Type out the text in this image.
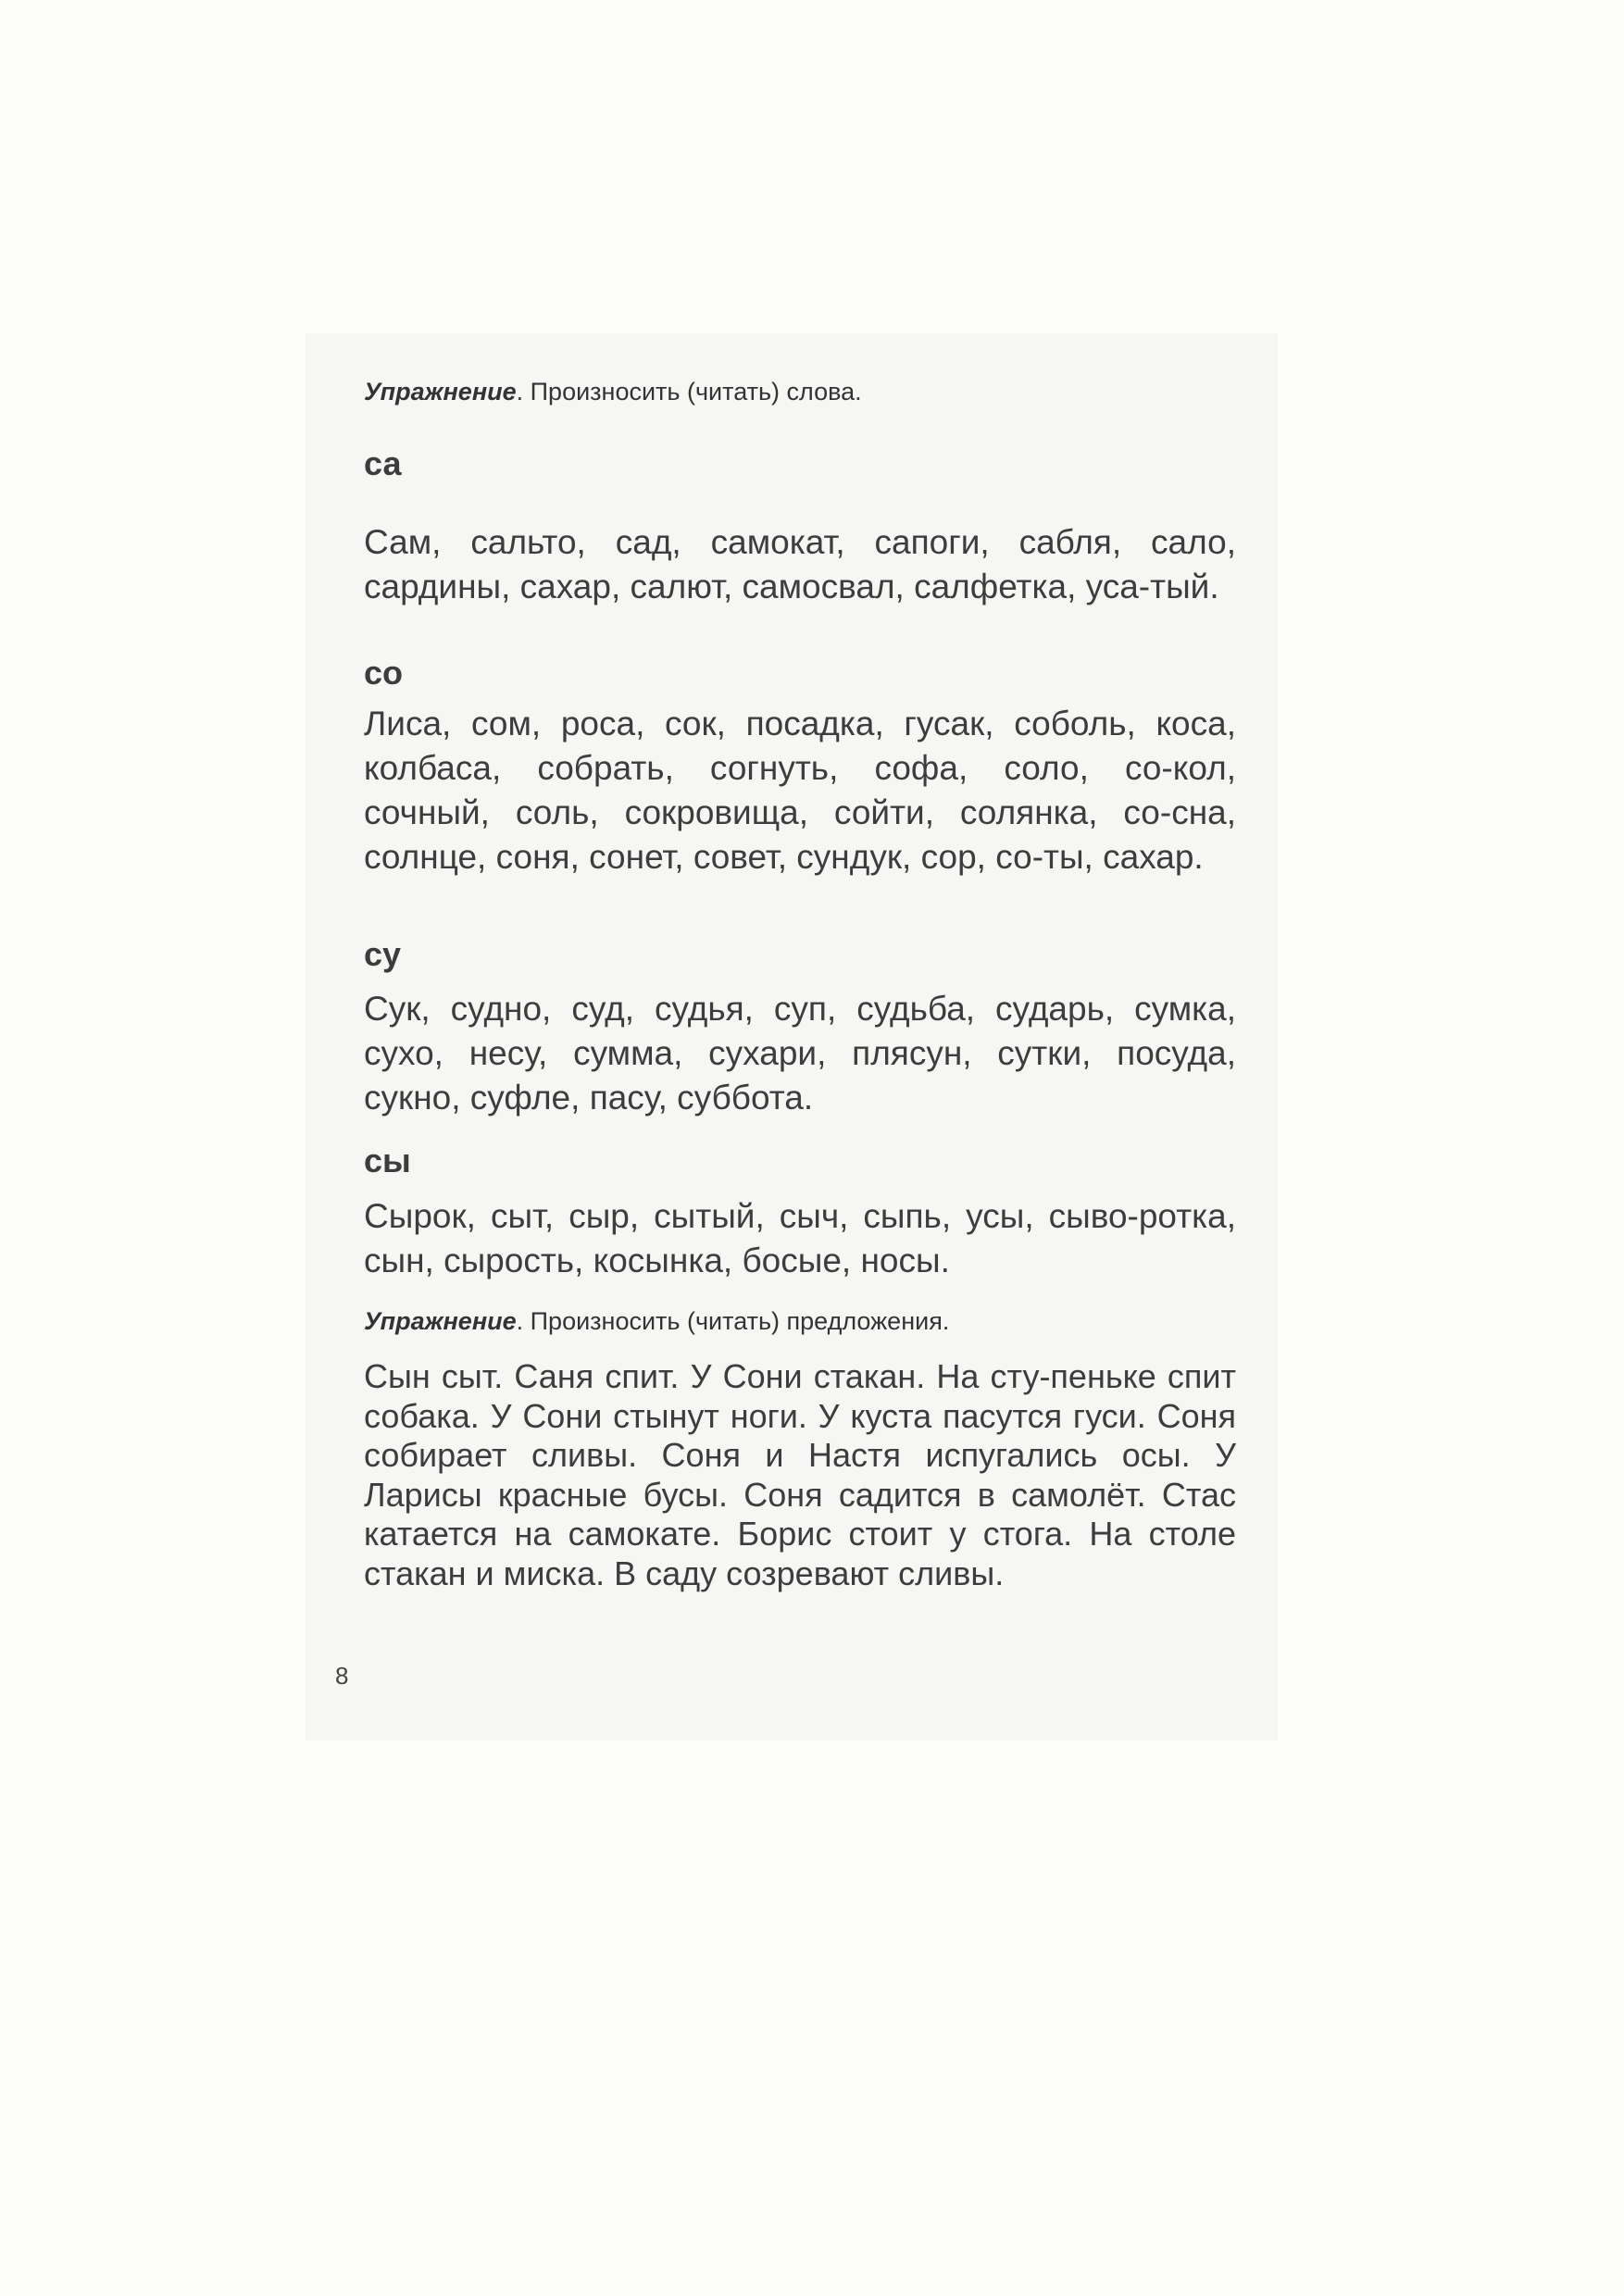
Упражнение. Произносить (читать) слова.
са
Сам, сальто, сад, самокат, сапоги, сабля, сало, сардины, сахар, салют, самосвал, салфетка, уса-тый.
со
Лиса, сом, роса, сок, посадка, гусак, соболь, коса, колбаса, собрать, согнуть, софа, соло, со-кол, сочный, соль, сокровища, сойти, солянка, со-сна, солнце, соня, сонет, совет, сундук, сор, со-ты, сахар.
су
Сук, судно, суд, судья, суп, судьба, сударь, сумка, сухо, несу, сумма, сухари, плясун, сутки, посуда, сукно, суфле, пасу, суббота.
сы
Сырок, сыт, сыр, сытый, сыч, сыпь, усы, сыво-ротка, сын, сырость, косынка, босые, носы.
Упражнение. Произносить (читать) предложения.
Сын сыт. Саня спит. У Сони стакан. На сту-пеньке спит собака. У Сони стынут ноги. У куста пасутся гуси. Соня собирает сливы. Соня и Настя испугались осы. У Ларисы красные бусы. Соня садится в самолёт. Стас катается на самокате. Борис стоит у стога. На столе стакан и миска. В саду созревают сливы.
8
